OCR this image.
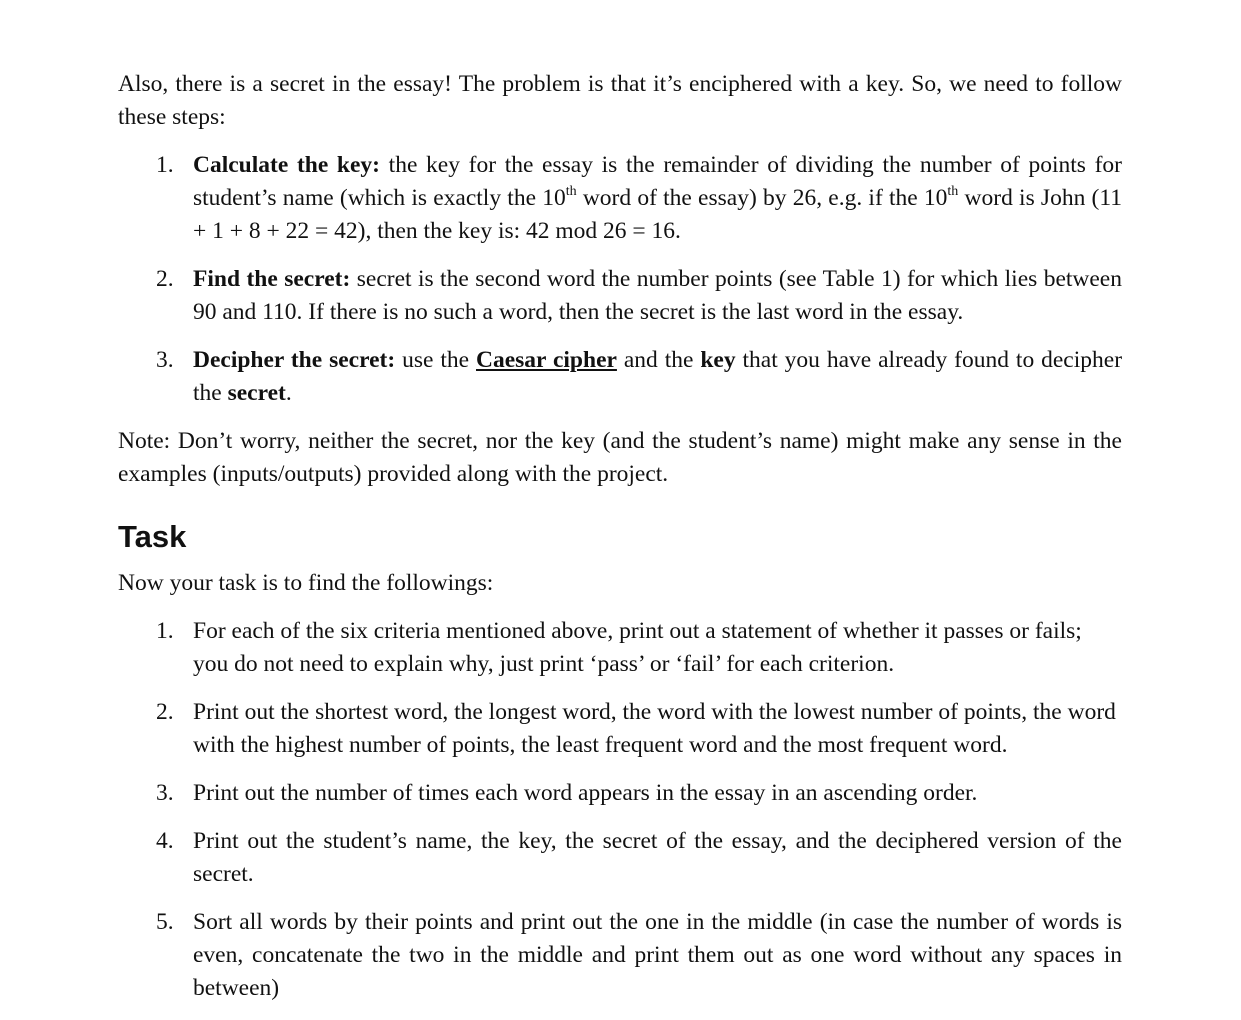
Also, there is a secret in the essay! The problem is that it’s enciphered with a key. So, we need to follow these steps:

1. Calculate the key: the key for the essay is the remainder of dividing the number of points for student’s name (which is exactly the 10th word of the essay) by 26, e.g. if the 10th word is John (11 + 1 + 8 + 22 = 42), then the key is: 42 mod 26 = 16.
2. Find the secret: secret is the second word the number points (see Table 1) for which lies between 90 and 110. If there is no such a word, then the secret is the last word in the essay.
3. Decipher the secret: use the Caesar cipher and the key that you have already found to decipher the secret.

Note: Don’t worry, neither the secret, nor the key (and the student’s name) might make any sense in the examples (inputs/outputs) provided along with the project.

Task

Now your task is to find the followings:

1. For each of the six criteria mentioned above, print out a statement of whether it passes or fails; you do not need to explain why, just print ‘pass’ or ‘fail’ for each criterion.
2. Print out the shortest word, the longest word, the word with the lowest number of points, the word with the highest number of points, the least frequent word and the most frequent word.
3. Print out the number of times each word appears in the essay in an ascending order.
4. Print out the student’s name, the key, the secret of the essay, and the deciphered version of the secret.
5. Sort all words by their points and print out the one in the middle (in case the number of words is even, concatenate the two in the middle and print them out as one word without any spaces in between)
